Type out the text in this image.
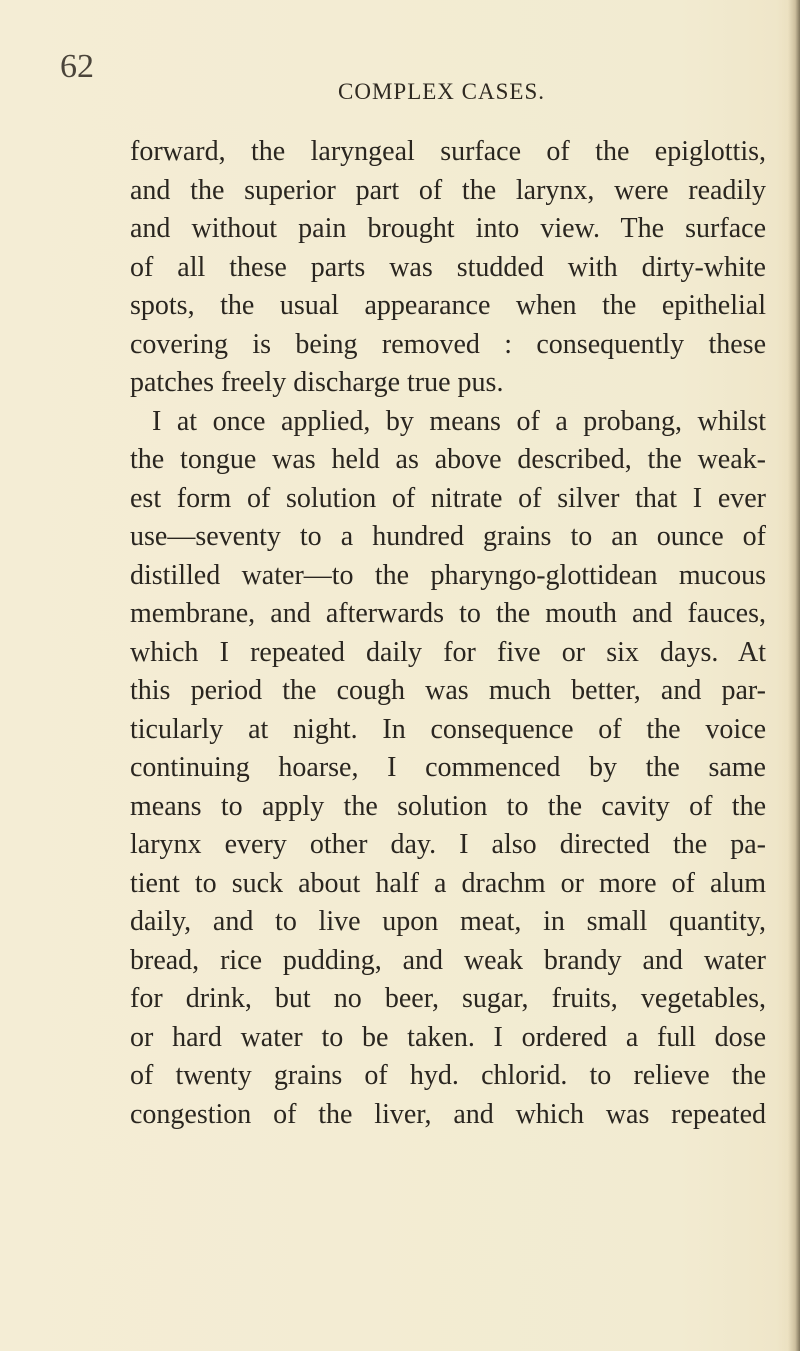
62
COMPLEX CASES.
forward, the laryngeal surface of the epiglottis,
and the superior part of the larynx, were readily
and without pain brought into view. The surface
of all these parts was studded with dirty-white
spots, the usual appearance when the epithelial
covering is being removed : consequently these
patches freely discharge true pus.
I at once applied, by means of a probang, whilst
the tongue was held as above described, the weak-
est form of solution of nitrate of silver that I ever
use—seventy to a hundred grains to an ounce of
distilled water—to the pharyngo-glottidean mucous
membrane, and afterwards to the mouth and fauces,
which I repeated daily for five or six days. At
this period the cough was much better, and par-
ticularly at night. In consequence of the voice
continuing hoarse, I commenced by the same
means to apply the solution to the cavity of the
larynx every other day. I also directed the pa-
tient to suck about half a drachm or more of alum
daily, and to live upon meat, in small quantity,
bread, rice pudding, and weak brandy and water
for drink, but no beer, sugar, fruits, vegetables,
or hard water to be taken. I ordered a full dose
of twenty grains of hyd. chlorid. to relieve the
congestion of the liver, and which was repeated
